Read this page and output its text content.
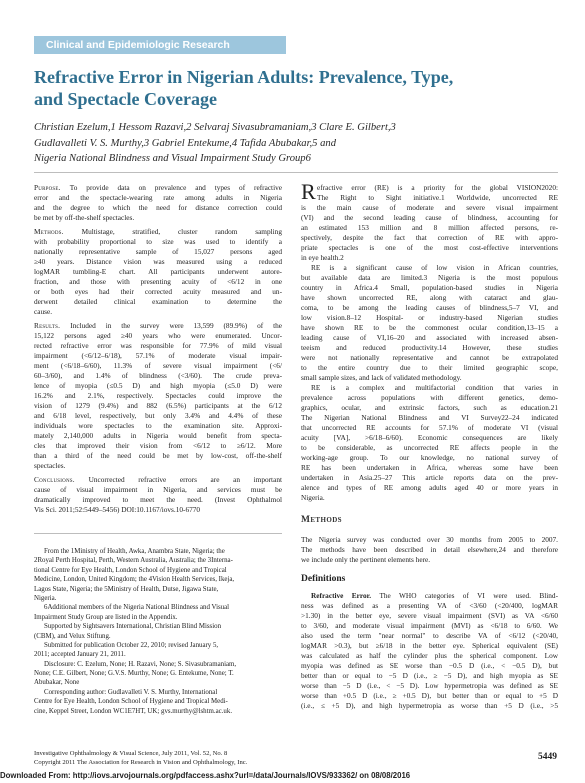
Clinical and Epidemiologic Research
Refractive Error in Nigerian Adults: Prevalence, Type,
and Spectacle Coverage
Christian Ezelum,1 Hessom Razavi,2 Selvaraj Sivasubramaniam,3 Clare E. Gilbert,3
Gudlavalleti V. S. Murthy,3 Gabriel Entekume,4 Tafida Abubakar,5 and
Nigeria National Blindness and Visual Impairment Study Group6
Purpose. To provide data on prevalence and types of refractive
error and the spectacle-wearing rate among adults in Nigeria
and the degree to which the need for distance correction could
be met by off-the-shelf spectacles.
Methods. Multistage, stratified, cluster random sampling
with probability proportional to size was used to identify a
nationally representative sample of 15,027 persons aged
≥40 years. Distance vision was measured using a reduced
logMAR tumbling-E chart. All participants underwent autore-
fraction, and those with presenting acuity of <6/12 in one
or both eyes had their corrected acuity measured and un-
derwent detailed clinical examination to determine the
cause.
Results. Included in the survey were 13,599 (89.9%) of the
15,122 persons aged ≥40 years who were enumerated. Uncor-
rected refractive error was responsible for 77.9% of mild visual
impairment (<6/12–6/18), 57.1% of moderate visual impair-
ment (<6/18–6/60), 11.3% of severe visual impairment (<6/
60–3/60), and 1.4% of blindness (<3/60). The crude preva-
lence of myopia (≤0.5 D) and high myopia (≤5.0 D) were
16.2% and 2.1%, respectively. Spectacles could improve the
vision of 1279 (9.4%) and 882 (6.5%) participants at the 6/12
and 6/18 level, respectively, but only 3.4% and 4.4% of these
individuals wore spectacles to the examination site. Approxi-
mately 2,140,000 adults in Nigeria would benefit from specta-
cles that improved their vision from <6/12 to ≥6/12. More
than a third of the need could be met by low-cost, off-the-shelf
spectacles.
Conclusions. Uncorrected refractive errors are an important
cause of visual impairment in Nigeria, and services must be
dramatically improved to meet the need. (Invest Ophthalmol
Vis Sci. 2011;52:5449–5456) DOI:10.1167/iovs.10-6770
From the 1Ministry of Health, Awka, Anambra State, Nigeria; the
2Royal Perth Hospital, Perth, Western Australia, Australia; the 3Interna-
tional Centre for Eye Health, London School of Hygiene and Tropical
Medicine, London, United Kingdom; the 4Vision Health Services, Ikeja,
Lagos State, Nigeria; the 5Ministry of Health, Dutse, Jigawa State,
Nigeria.
6Additional members of the Nigeria National Blindness and Visual
Impairment Study Group are listed in the Appendix.
Supported by Sightsavers International, Christian Blind Mission
(CBM), and Velux Stiftung.
Submitted for publication October 22, 2010; revised January 5,
2011; accepted January 21, 2011.
Disclosure: C. Ezelum, None; H. Razavi, None; S. Sivasubramaniam,
None; C.E. Gilbert, None; G.V.S. Murthy, None; G. Entekume, None; T.
Abubakar, None
Corresponding author: Gudlavalleti V. S. Murthy, International
Centre for Eye Health, London School of Hygiene and Tropical Medi-
cine, Keppel Street, London WC1E7HT, UK; gvs.murthy@lshtm.ac.uk.
R efractive error (RE) is a priority for the global VISION2020:
The Right to Sight initiative.1 Worldwide, uncorrected RE
is the main cause of moderate and severe visual impairment
(VI) and the second leading cause of blindness, accounting for
an estimated 153 million and 8 million affected persons, re-
spectively, despite the fact that correction of RE with appro-
priate spectacles is one of the most cost-effective interventions
in eye health.2
RE is a significant cause of low vision in African countries,
but available data are limited.3 Nigeria is the most populous
country in Africa.4 Small, population-based studies in Nigeria
have shown uncorrected RE, along with cataract and glau-
coma, to be among the leading causes of blindness,5–7 VI, and
low vision.8–12 Hospital- or industry-based Nigerian studies
have shown RE to be the commonest ocular condition,13–15 a
leading cause of VI,16–20 and associated with increased absen-
teeism and reduced productivity.14 However, these studies
were not nationally representative and cannot be extrapolated
to the entire country due to their limited geographic scope,
small sample sizes, and lack of validated methodology.
RE is a complex and multifactorial condition that varies in
prevalence across populations with different genetics, demo-
graphics, ocular, and extrinsic factors, such as education.21
The Nigerian National Blindness and VI Survey22–24 indicated
that uncorrected RE accounts for 57.1% of moderate VI (visual
acuity [VA], >6/18–6/60). Economic consequences are likely
to be considerable, as uncorrected RE affects people in the
working-age group. To our knowledge, no national survey of
RE has been undertaken in Africa, whereas some have been
undertaken in Asia.25–27 This article reports data on the prev-
alence and types of RE among adults aged 40 or more years in
Nigeria.
Methods
The Nigeria survey was conducted over 30 months from 2005 to 2007.
The methods have been described in detail elsewhere,24 and therefore
we include only the pertinent elements here.
Definitions
Refractive Error. The WHO categories of VI were used. Blind-
ness was defined as a presenting VA of <3/60 (<20/400, logMAR
>1.30) in the better eye, severe visual impairment (SVI) as VA <6/60
to 3/60, and moderate visual impairment (MVI) as <6/18 to 6/60. We
also used the term "near normal" to describe VA of <6/12 (<20/40,
logMAR >0.3), but ≥6/18 in the better eye. Spherical equivalent (SE)
was calculated as half the cylinder plus the spherical component. Low
myopia was defined as SE worse than −0.5 D (i.e., < −0.5 D), but
better than or equal to −5 D (i.e., ≥ −5 D), and high myopia as SE
worse than −5 D (i.e., < −5 D). Low hypermetropia was defined as SE
worse than +0.5 D (i.e., ≥ +0.5 D), but better than or equal to +5 D
(i.e., ≤ +5 D), and high hypermetropia as worse than +5 D (i.e., >5
Investigative Ophthalmology & Visual Science, July 2011, Vol. 52, No. 8
Copyright 2011 The Association for Research in Vision and Ophthalmology, Inc.
5449
Downloaded From: http://iovs.arvojournals.org/pdfaccess.ashx?url=/data/Journals/IOVS/933362/ on 08/08/2016
